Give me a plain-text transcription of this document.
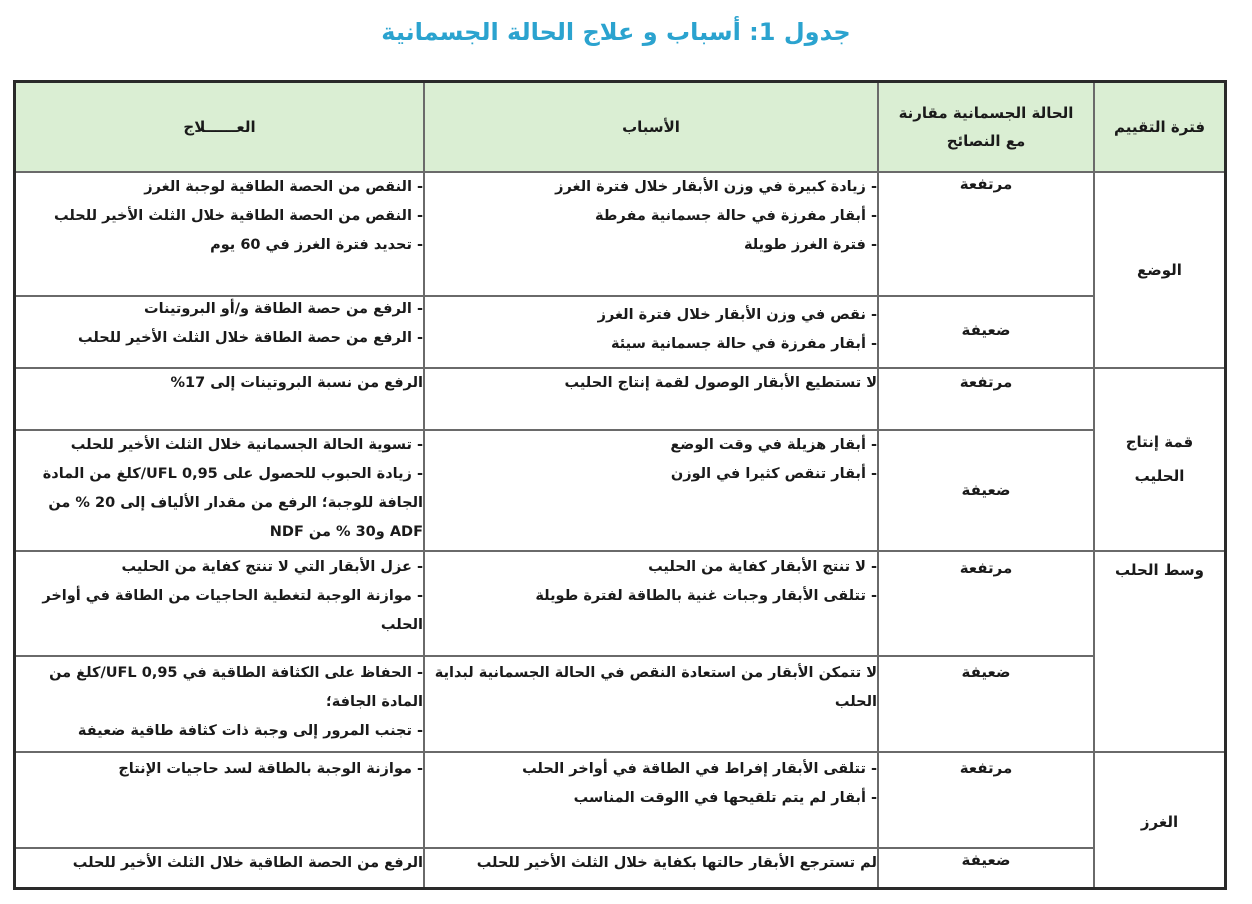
جدول 1: أسباب و علاج الحالة الجسمانية
العــــــلاج	الأسباب
الحالة الجسمانية مقارنة مع النصائح
فترة التقييم
الوضع
قمة إنتاج
الحليب
وسط الحلب
الغرز
مرتفعة
- زيادة كبيرة في وزن الأبقار خلال فترة الغرز
- أبقار مفرزة في حالة جسمانية مفرطة
- فترة الغرز طويلة
- النقص من الحصة الطاقية لوجبة الغرز
- النقص من الحصة الطاقية خلال الثلث الأخير للحلب
- تحديد فترة الغرز في 60 يوم
ضعيفة
- نقص في وزن الأبقار خلال فترة الغرز
- أبقار مفرزة في حالة جسمانية سيئة
- الرفع من حصة الطاقة و/أو البروتينات
- الرفع من حصة الطاقة خلال الثلث الأخير للحلب
مرتفعة
لا تستطيع الأبقار الوصول لقمة إنتاج الحليب
الرفع من نسبة البروتينات إلى 17%
ضعيفة
- أبقار هزيلة في وقت الوضع
- أبقار تنقص كثيرا في الوزن
- تسوية الحالة الجسمانية خلال الثلث الأخير للحلب
- زيادة الحبوب للحصول على 0,95 UFL/كلغ من المادة الجافة للوجبة؛ الرفع من مقدار الألياف إلى 20 % من ADF و30 % من NDF
مرتفعة
- لا تنتج الأبقار كفاية من الحليب
- تتلقى الأبقار وجبات غنية بالطاقة لفترة طويلة
- عزل الأبقار التي لا تنتج كفاية من الحليب
- موازنة الوجبة لتغطية الحاجيات من الطاقة في أواخر الحلب
ضعيفة
لا تتمكن الأبقار من استعادة النقص في الحالة الجسمانية لبداية الحلب
- الحفاظ على الكثافة الطاقية في 0,95 UFL/كلغ من المادة الجافة؛
- تجنب المرور إلى وجبة ذات كثافة طاقية ضعيفة
مرتفعة
- تتلقى الأبقار إفراط في الطاقة في أواخر الحلب
- أبقار لم يتم تلقيحها في االوقت المناسب
- موازنة الوجبة بالطاقة لسد حاجيات الإنتاج
ضعيفة
لم تسترجع الأبقار حالتها بكفاية خلال الثلث الأخير للحلب
الرفع من الحصة الطاقية خلال الثلث الأخير للحلب
